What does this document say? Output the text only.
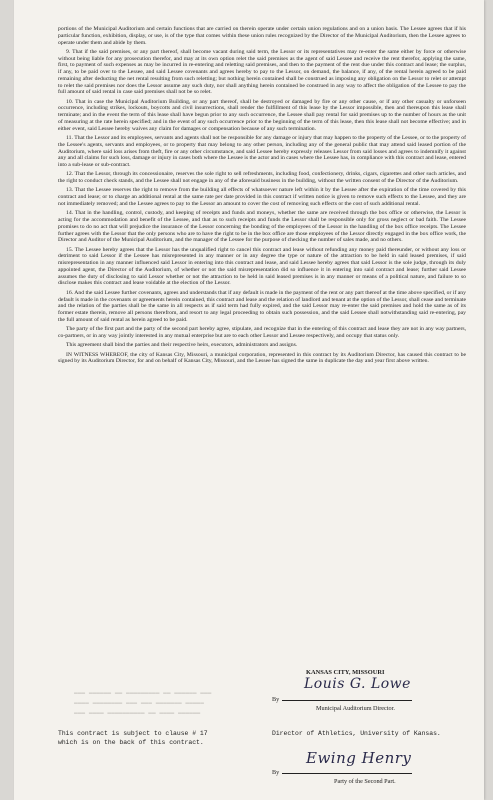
portions of the Municipal Auditorium and certain functions that are carried on therein operate under certain union regulations and on a union basis. The Lessee agrees that if his particular function, exhibition, display, or use, is of the type that comes within these union rules recognized by the Director of the Municipal Auditorium, then the Lessee agrees to operate under them and abide by them.

9. That if the said premises, or any part thereof, shall become vacant during said term, the Lessor or its representatives may re-enter the same either by force or otherwise without being liable for any prosecution therefor, and may at its own option relet the said premises as the agent of said Lessee and receive the rent therefor, applying the same, first, to payment of such expenses as may be incurred in re-entering and reletting said premises, and then to the payment of the rent due under this contract and lease; the surplus, if any, to be paid over to the Lessee, and said Lessee covenants and agrees hereby to pay to the Lessor, on demand, the balance, if any, of the rental herein agreed to be paid remaining after deducting the net rental resulting from such reletting; but nothing herein contained shall be construed as imposing any obligation on the Lessor to relet or attempt to relet the said premises nor does the Lessor assume any such duty, nor shall anything herein contained be construed in any way to affect the obligation of the Lessee to pay the full amount of said rental in case said premises shall not be so relet.

10. That in case the Municipal Auditorium Building, or any part thereof, shall be destroyed or damaged by fire or any other cause, or if any other casualty or unforseen occurrence, including strikes, lockouts, boycotts and civil insurrections, shall render the fulfillment of this lease by the Lessor impossible, then and thereupon this lease shall terminate; and in the event the term of this lease shall have begun prior to any such occurrence, the Lessee shall pay rental for said premises up to the number of hours as the unit of measuring at the rate herein specified; and in the event of any such occurrence prior to the beginning of the term of this lease, then this lease shall not become effective; and in either event, said Lessee hereby waives any claim for damages or compensation because of any such termination.

11. That the Lessor and its employees, servants and agents shall not be responsible for any damage or injury that may happen to the property of the Lessee, or to the property of the Lessee's agents, servants and employees, or to property that may belong to any other person, including any of the general public that may attend said leased portion of the Auditorium, where said loss arises from theft, fire or any other circumstance, and said Lessee hereby expressly releases Lessor from said losses and agrees to indemnify it against any and all claims for such loss, damage or injury in cases both where the Lessee is the actor and in cases where the Lessee has, in compliance with this contract and lease, entered into a sub-lease or sub-contract.

12. That the Lessor, through its concessionaire, reserves the sole right to sell refreshments, including food, confectionery, drinks, cigars, cigarettes and other such articles, and the right to conduct check stands, and the Lessee shall not engage in any of the aforesaid business in the building, without the written consent of the Director of the Auditorium.

13. That the Lessee reserves the right to remove from the building all effects of whatsoever nature left within it by the Lessee after the expiration of the time covered by this contract and lease; or to charge an additional rental at the same rate per date provided in this contract if written notice is given to remove such effects to the Lessee, and they are not immediately removed; and the Lessee agrees to pay to the Lessor an amount to cover the cost of removing such effects or the cost of such additional rental.

14. That in the handling, control, custody, and keeping of receipts and funds and moneys, whether the same are received through the box office or otherwise, the Lessor is acting for the accommodation and benefit of the Lessee, and that as to such receipts and funds the Lessor shall be responsible only for gross neglect or bad faith. The Lessee promises to do no act that will prejudice the insurance of the Lessor concerning the bonding of the employees of the Lessor in the handling of the box office receipts. The Lessee further agrees with the Lessor that the only persons who are to have the right to be in the box office are those employees of the Lessor directly engaged in the box office work, the Director and Auditor of the Municipal Auditorium, and the manager of the Lessee for the purpose of checking the number of sales made, and no others.

15. The Lessee hereby agrees that the Lessor has the unqualified right to cancel this contract and lease without refunding any money paid thereunder, or without any loss or detriment to said Lessor if the Lessee has misrepresented in any manner or in any degree the type or nature of the attraction to be held in said leased premises, if said misrepresentation in any manner influenced said Lessor in entering into this contract and lease, and said Lessee hereby agrees that said Lessor is the sole judge, through its duly appointed agent, the Director of the Auditorium, of whether or not the said misrepresentation did so influence it in entering into said contract and lease; further said Lessee assumes the duty of disclosing to said Lessor whether or not the attraction to be held in said leased premises is in any manner or means of a political nature, and failure to so disclose makes this contract and lease voidable at the election of the Lessor.

16. And the said Lessee further covenants, agrees and understands that if any default is made in the payment of the rent or any part thereof at the time above specified, or if any default is made in the covenants or agreements herein contained, this contract and lease and the relation of landlord and tenant at the option of the Lessor, shall cease and terminate and the relation of the parties shall be the same in all respects as if said term had fully expired, and the said Lessor may re-enter the said premises and hold the same as of its former estate therein, remove all persons therefrom, and resort to any legal proceeding to obtain such possession, and the said Lessee shall notwithstanding said re-entering, pay the full amount of said rental as herein agreed to be paid.

The party of the first part and the party of the second part hereby agree, stipulate, and recognize that in the entering of this contract and lease they are not in any way partners, co-partners, or in any way jointly interested in any mutual enterprise but are to each other Lessor and Lessee respectively, and occupy that status only.

This agreement shall bind the parties and their respective heirs, executors, administrators and assigns.

IN WITNESS WHEREOF, the city of Kansas City, Missouri, a municipal corporation, represented in this contract by its Auditorium Director, has caused this contract to be signed by its Auditorium Director, for and on behalf of Kansas City, Missouri, and the Lessee has signed the same in duplicate the day and year first above written.

▬▬▬ ▬▬▬▬▬▬ ▬▬ ▬▬▬▬▬▬▬▬▬ ▬▬ ▬▬▬▬▬▬ ▬▬▬
▬▬▬▬ ▬▬▬▬▬▬▬▬ ▬▬▬ ▬▬▬ ▬▬▬▬▬▬▬ ▬▬▬▬▬
▬▬▬ ▬▬▬▬ ▬▬▬▬▬▬▬▬▬▬ ▬▬ ▬▬▬▬ ▬▬▬▬▬▬
KANSAS CITY, MISSOURI
By
Louis G. Lowe
Municipal Auditorium Director.
This contract is subject to clause # 17
which is on the back of this contract.
Director of Athletics, University of Kansas.
By
Ewing Henry
Party of the Second Part.
